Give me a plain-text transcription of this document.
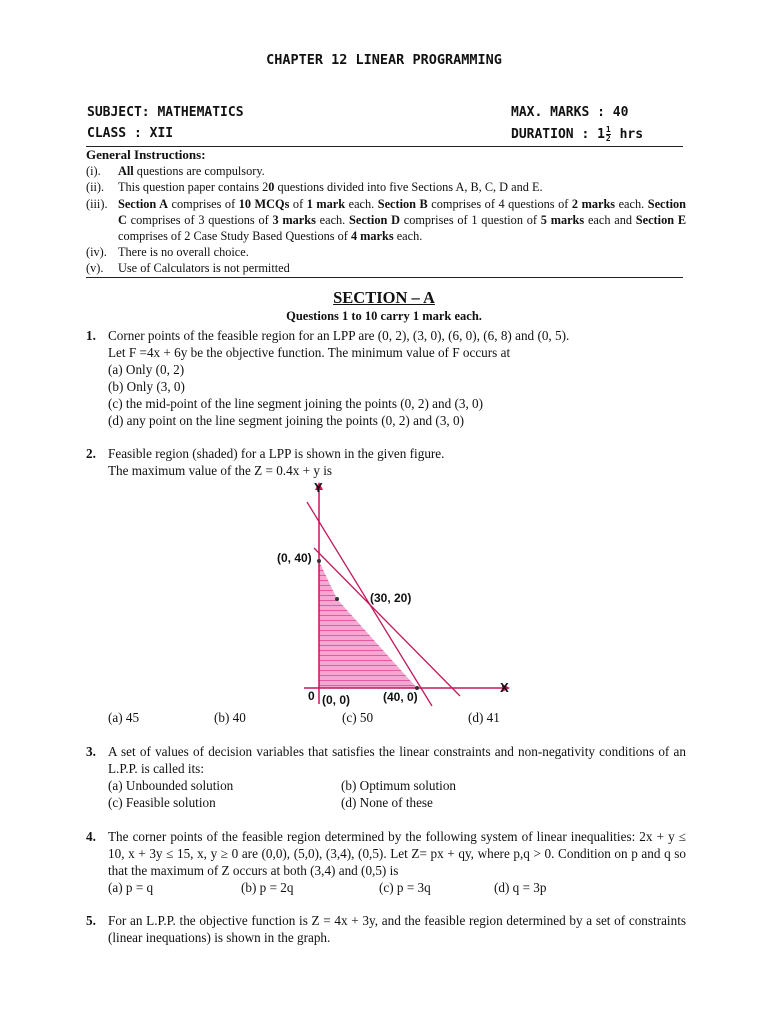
CHAPTER 12 LINEAR PROGRAMMING
SUBJECT: MATHEMATICS
CLASS : XII
MAX. MARKS : 40
DURATION : $1 \frac{1}{2}$ hrs
General Instructions:
(i).	All questions are compulsory.
(ii).	This question paper contains 20 questions divided into five Sections A, B, C, D and E.
(iii). Section A comprises of 10 MCQs of 1 mark each. Section B comprises of 4 questions of 2 marks each. Section C comprises of 3 questions of 3 marks each. Section D comprises of 1 question of 5 marks each and Section E comprises of 2 Case Study Based Questions of 4 marks each.
(iv). There is no overall choice.
(v).	Use of Calculators is not permitted
SECTION – A
Questions 1 to 10 carry 1 mark each.
1. Corner points of the feasible region for an LPP are (0, 2), (3, 0), (6, 0), (6, 8) and (0, 5).
Let F =4x + 6y be the objective function. The minimum value of F occurs at
(a) Only (0, 2)
(b) Only (3, 0)
(c) the mid-point of the line segment joining the points (0, 2) and (3, 0)
(d) any point on the line segment joining the points (0, 2) and (3, 0)
2. Feasible region (shaded) for a LPP is shown in the given figure.
The maximum value of the Z = 0.4x + y is
Y
X
0
(0, 40)
(30, 20)
(0, 0)	(40, 0)
(a) 45	(b) 40	(c) 50	(d) 41
3. A set of values of decision variables that satisfies the linear constraints and non-negativity conditions of an L.P.P. is called its:
(a) Unbounded solution	(b) Optimum solution
(c) Feasible solution	(d) None of these
4. The corner points of the feasible region determined by the following system of linear inequalities: 2x + y ≤ 10, x + 3y ≤ 15, x, y ≥ 0 are (0,0), (5,0), (3,4), (0,5). Let Z= px + qy, where p,q > 0. Condition on p and q so that the maximum of Z occurs at both (3,4) and (0,5) is
(a) p = q	(b) p = 2q	(c) p = 3q	(d) q = 3p
5. For an L.P.P. the objective function is Z = 4x + 3y, and the feasible region determined by a set of constraints (linear inequations) is shown in the graph.
